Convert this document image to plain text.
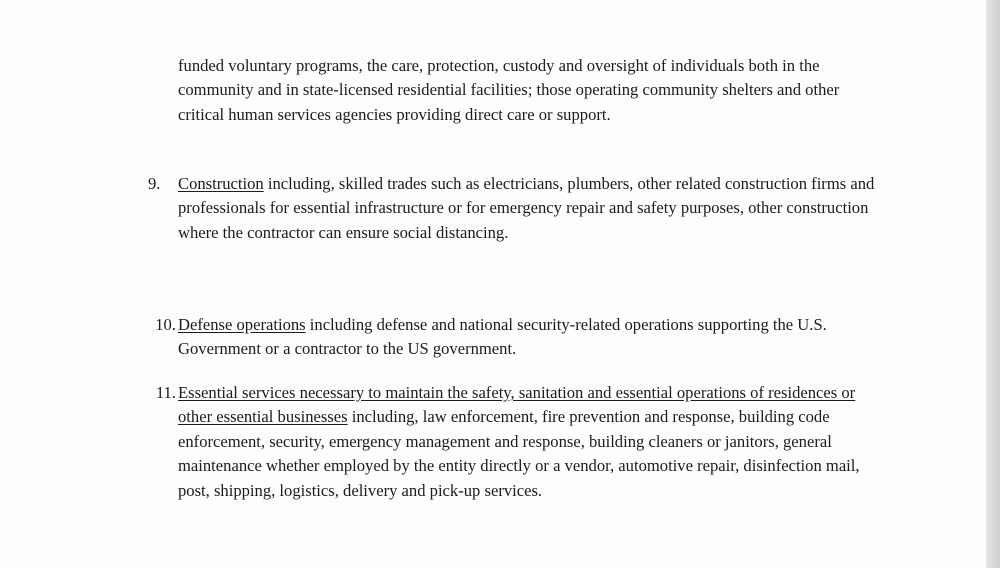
funded voluntary programs, the care, protection, custody and oversight of individuals both in the community and in state-licensed residential facilities; those operating community shelters and other critical human services agencies providing direct care or support.

9.	Construction including, skilled trades such as electricians, plumbers, other related construction firms and professionals for essential infrastructure or for emergency repair and safety purposes, other construction where the contractor can ensure social distancing.
10. Defense operations including defense and national security-related operations supporting the U.S. Government or a contractor to the US government.
11. Essential services necessary to maintain the safety, sanitation and essential operations of residences or other essential businesses including, law enforcement, fire prevention and response, building code enforcement, security, emergency management and response, building cleaners or janitors, general maintenance whether employed by the entity directly or a vendor, automotive repair, disinfection mail, post, shipping, logistics, delivery and pick-up services.
